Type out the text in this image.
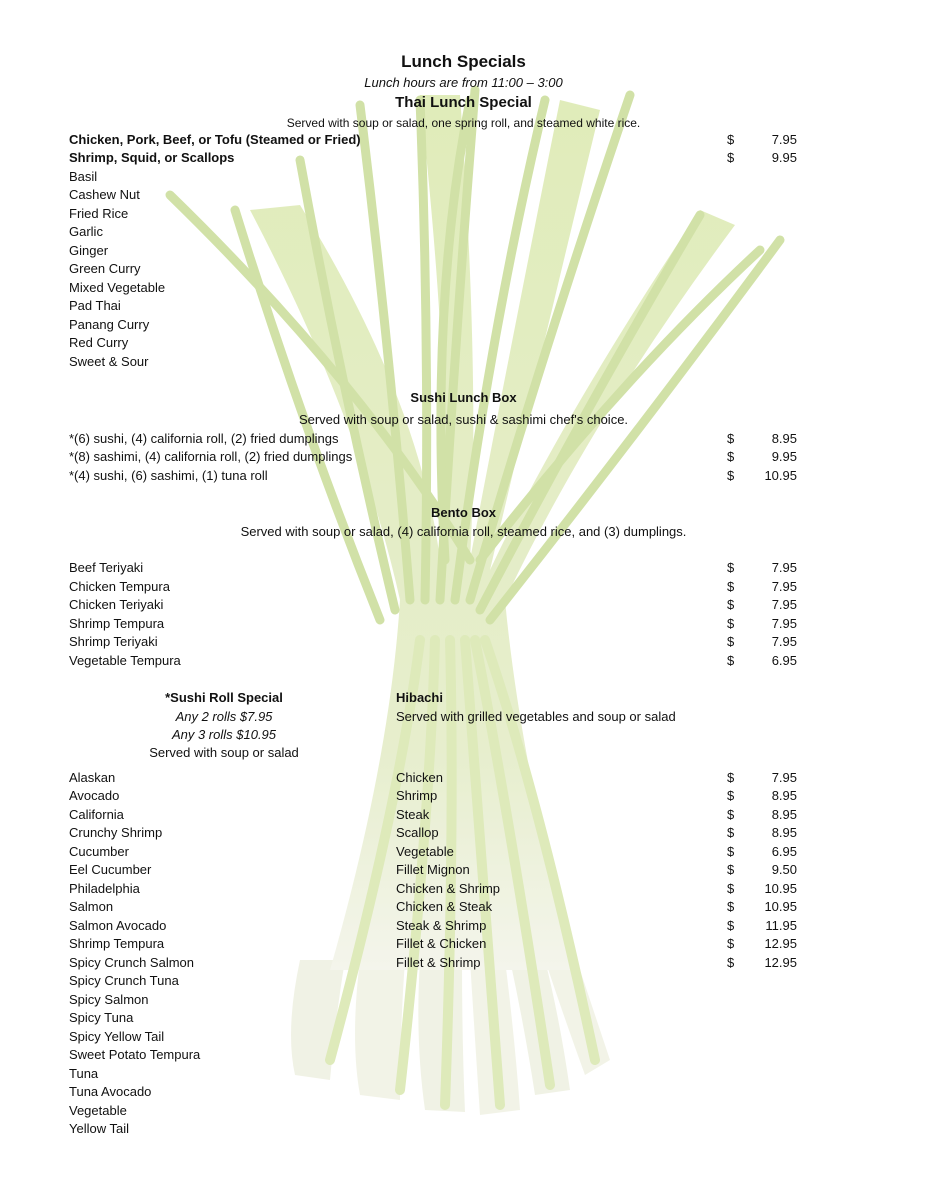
Lunch Specials
Lunch hours are from 11:00 – 3:00
Thai Lunch Special
Served with soup or salad, one spring roll, and steamed white rice.
Chicken, Pork, Beef, or Tofu (Steamed or Fried)	$	7.95
Shrimp, Squid, or Scallops	$	9.95
Basil
Cashew Nut
Fried Rice
Garlic
Ginger
Green Curry
Mixed Vegetable
Pad Thai
Panang Curry
Red Curry
Sweet & Sour
Sushi Lunch Box
Served with soup or salad, sushi & sashimi chef's choice.
*(6) sushi, (4) california roll, (2) fried dumplings	$	8.95
*(8) sashimi, (4) california roll, (2) fried dumplings	$	9.95
*(4) sushi, (6) sashimi, (1) tuna roll	$ 10.95
Bento Box
Served with soup or salad, (4) california roll, steamed rice, and (3) dumplings.
Beef Teriyaki	$	7.95
Chicken Tempura	$	7.95
Chicken Teriyaki	$	7.95
Shrimp Tempura	$	7.95
Shrimp Teriyaki	$	7.95
Vegetable Tempura	$	6.95
*Sushi Roll Special
Any 2 rolls $7.95
Any 3 rolls $10.95
Served with soup or salad
Hibachi
Served with grilled vegetables and soup or salad
Alaskan
Avocado
California
Crunchy Shrimp
Cucumber
Eel Cucumber
Philadelphia
Salmon
Salmon Avocado
Shrimp Tempura
Spicy Crunch Salmon
Spicy Crunch Tuna
Spicy Salmon
Spicy Tuna
Spicy Yellow Tail
Sweet Potato Tempura
Tuna
Tuna Avocado
Vegetable
Yellow Tail
Chicken	$	7.95
Shrimp	$	8.95
Steak	$	8.95
Scallop	$	8.95
Vegetable	$	6.95
Fillet Mignon	$	9.50
Chicken & Shrimp	$ 10.95
Chicken & Steak	$ 10.95
Steak & Shrimp	$ 11.95
Fillet & Chicken	$ 12.95
Fillet & Shrimp	$ 12.95
